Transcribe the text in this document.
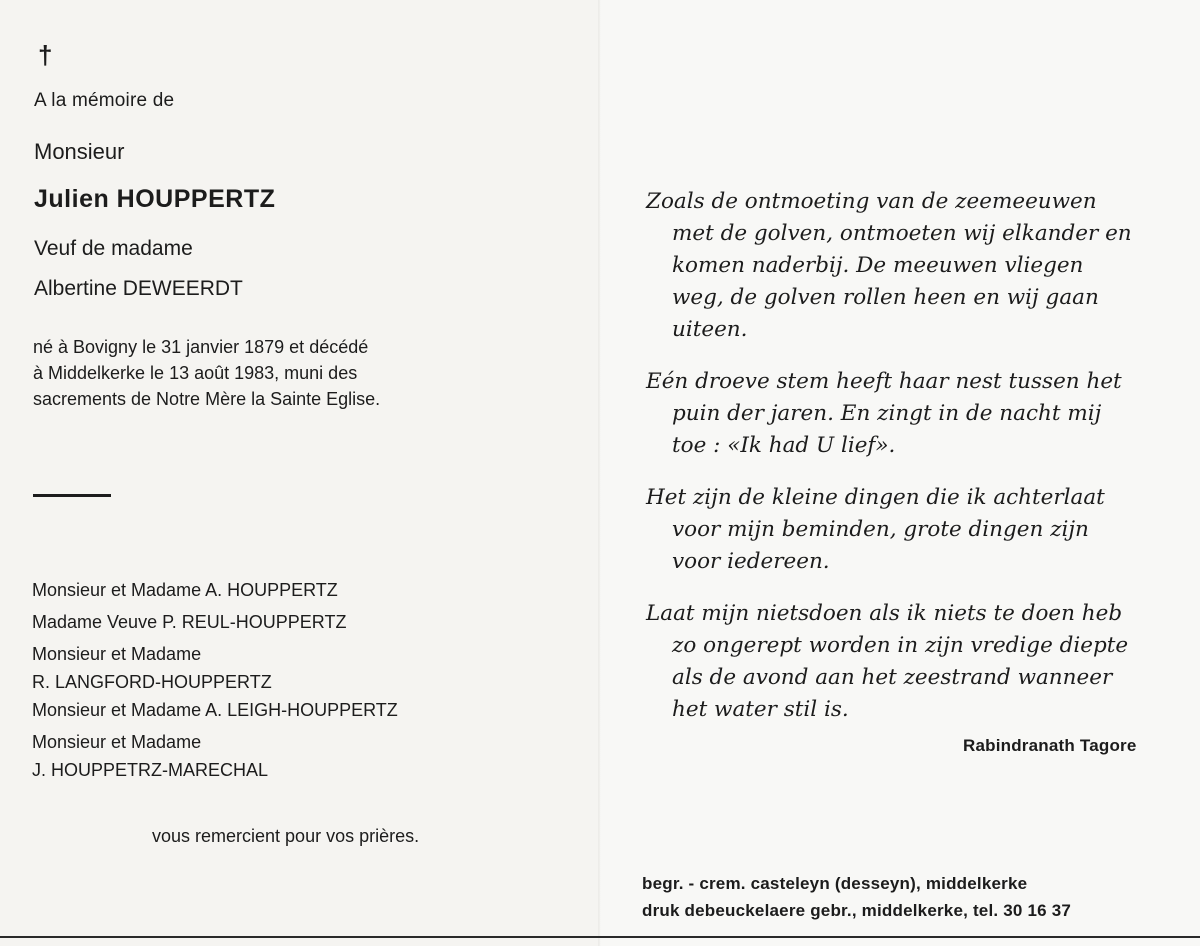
†
A la mémoire de
Monsieur
Julien HOUPPERTZ
Veuf de madame
Albertine DEWEERDT
né à Bovigny le 31 janvier 1879 et décédé
à Middelkerke le 13 août 1983, muni des
sacrements de Notre Mère la Sainte Eglise.
Monsieur et Madame A. HOUPPERTZ
Madame Veuve P. REUL-HOUPPERTZ
Monsieur et Madame
R. LANGFORD-HOUPPERTZ
Monsieur et Madame A. LEIGH-HOUPPERTZ
Monsieur et Madame
J. HOUPPETRZ-MARECHAL
vous remercient pour vos prières.
Zoals de ontmoeting van de zeemeeuwen
met de golven, ontmoeten wij elkander en
komen naderbij. De meeuwen vliegen
weg, de golven rollen heen en wij gaan
uiteen.
Eén droeve stem heeft haar nest tussen het
puin der jaren. En zingt in de nacht mij
toe : «Ik had U lief».
Het zijn de kleine dingen die ik achterlaat
voor mijn beminden, grote dingen zijn
voor iedereen.
Laat mijn nietsdoen als ik niets te doen heb
zo ongerept worden in zijn vredige diepte
als de avond aan het zeestrand wanneer
het water stil is.
Rabindranath Tagore
begr. - crem. casteleyn (desseyn), middelkerke
druk debeuckelaere gebr., middelkerke, tel. 30 16 37
